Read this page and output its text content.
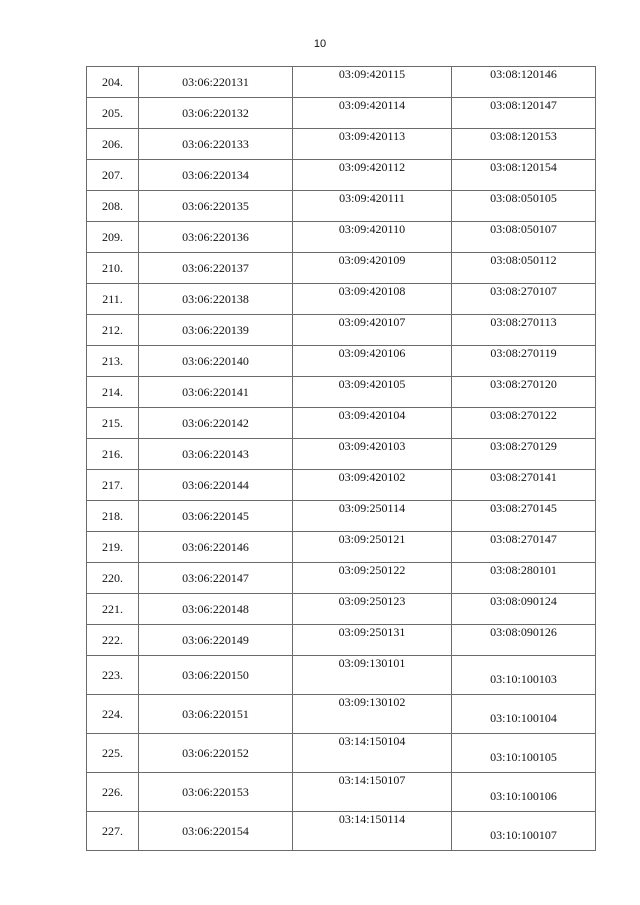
10
204.	03:06:220131	03:09:420115	03:08:120146
205.	03:06:220132	03:09:420114	03:08:120147
206.	03:06:220133	03:09:420113	03:08:120153
207.	03:06:220134	03:09:420112	03:08:120154
208.	03:06:220135	03:09:420111	03:08:050105
209.	03:06:220136	03:09:420110	03:08:050107
210.	03:06:220137	03:09:420109	03:08:050112
211.	03:06:220138	03:09:420108	03:08:270107
212.	03:06:220139	03:09:420107	03:08:270113
213.	03:06:220140	03:09:420106	03:08:270119
214.	03:06:220141	03:09:420105	03:08:270120
215.	03:06:220142	03:09:420104	03:08:270122
216.	03:06:220143	03:09:420103	03:08:270129
217.	03:06:220144	03:09:420102	03:08:270141
218.	03:06:220145	03:09:250114	03:08:270145
219.	03:06:220146	03:09:250121	03:08:270147
220.	03:06:220147	03:09:250122	03:08:280101
221.	03:06:220148	03:09:250123	03:08:090124
222.	03:06:220149	03:09:250131	03:08:090126
223.	03:06:220150	03:09:130101	03:10:100103
224.	03:06:220151	03:09:130102	03:10:100104
225.	03:06:220152	03:14:150104	03:10:100105
226.	03:06:220153	03:14:150107	03:10:100106
227.	03:06:220154	03:14:150114	03:10:100107
